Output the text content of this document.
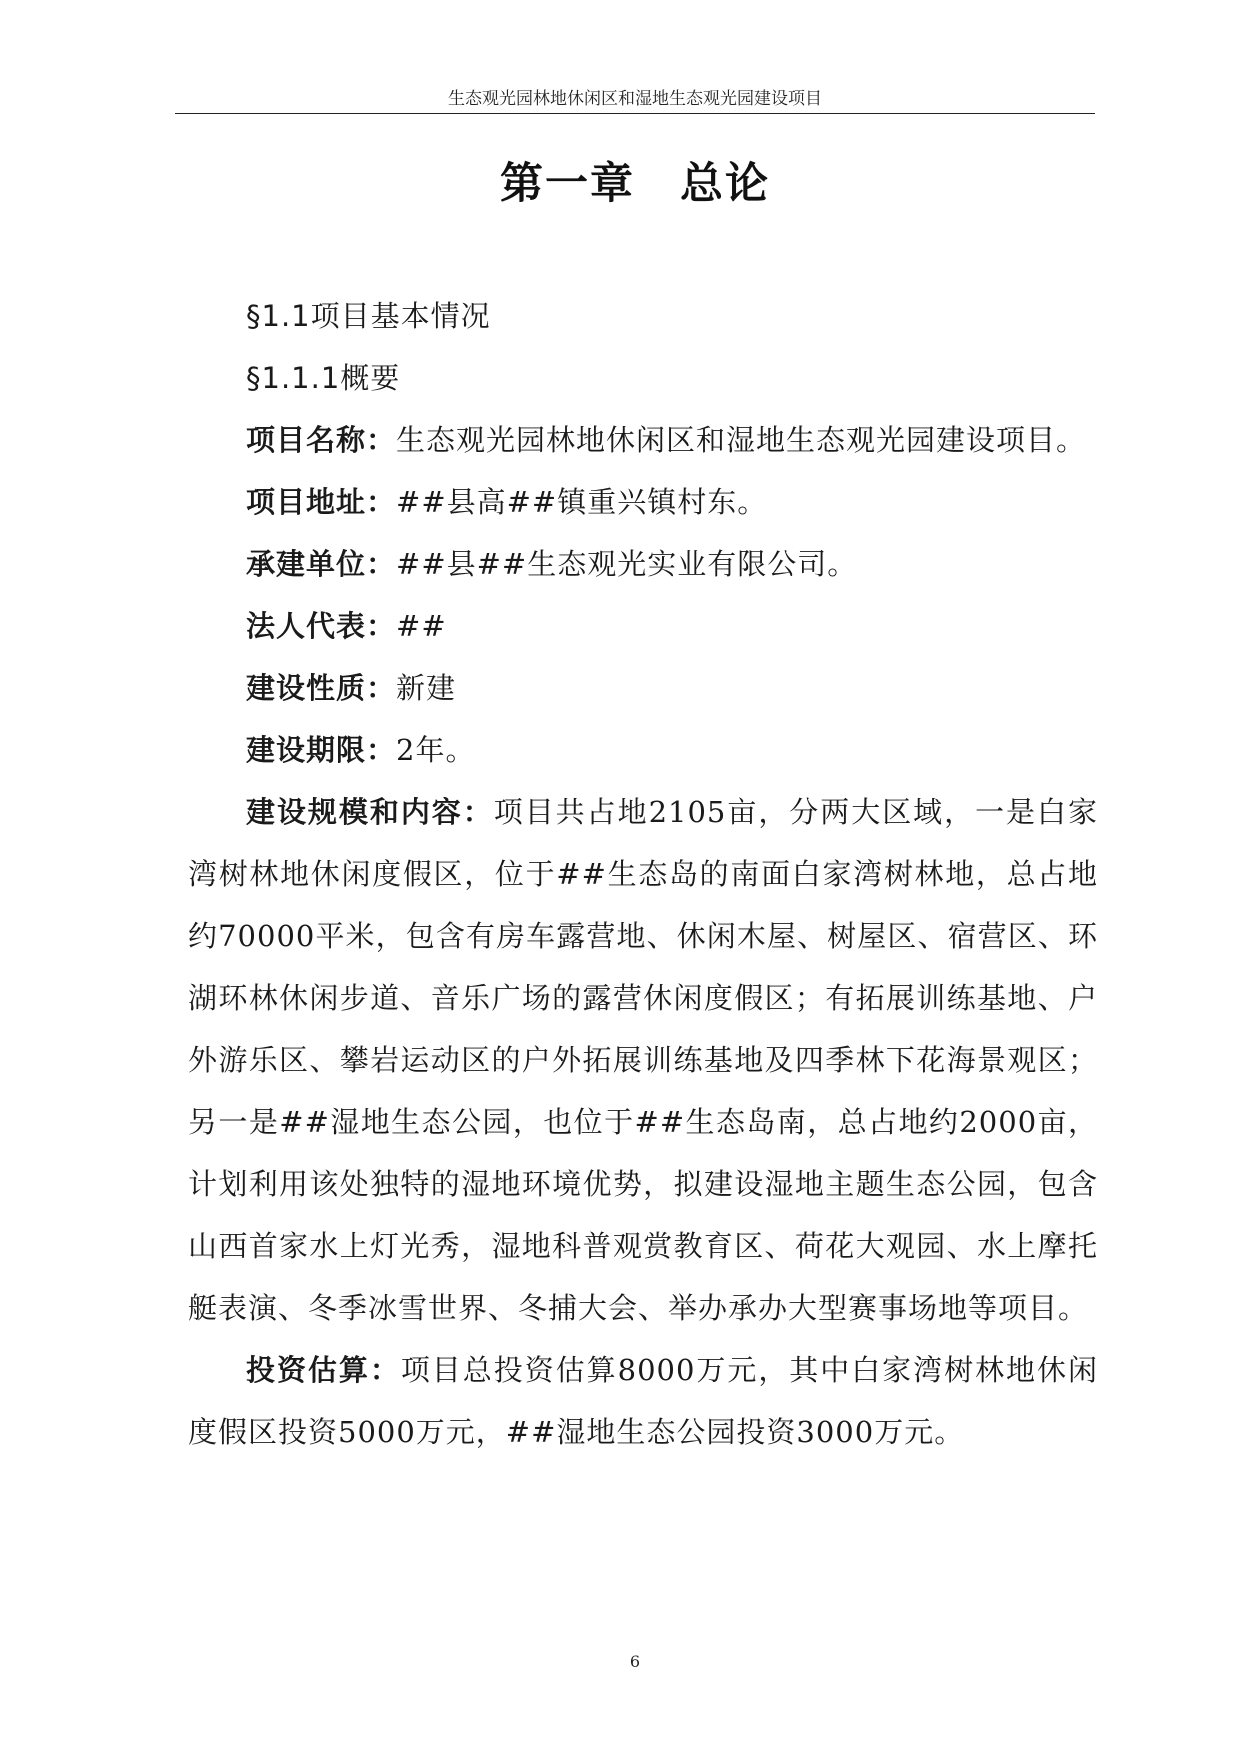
生态观光园林地休闲区和湿地生态观光园建设项目
第一章　总论

§1.1项目基本情况

§1.1.1概要

项目名称：生态观光园林地休闲区和湿地生态观光园建设项目。

项目地址：##县高##镇重兴镇村东。

承建单位：##县##生态观光实业有限公司。

法人代表：##

建设性质：新建

建设期限：2年。

建设规模和内容：项目共占地2105亩，分两大区域，一是白家湾树林地休闲度假区，位于##生态岛的南面白家湾树林地，总占地约70000平米，包含有房车露营地、休闲木屋、树屋区、宿营区、环湖环林休闲步道、音乐广场的露营休闲度假区；有拓展训练基地、户外游乐区、攀岩运动区的户外拓展训练基地及四季林下花海景观区；另一是##湿地生态公园，也位于##生态岛南，总占地约2000亩，计划利用该处独特的湿地环境优势，拟建设湿地主题生态公园，包含山西首家水上灯光秀，湿地科普观赏教育区、荷花大观园、水上摩托艇表演、冬季冰雪世界、冬捕大会、举办承办大型赛事场地等项目。

投资估算：项目总投资估算8000万元，其中白家湾树林地休闲度假区投资5000万元，##湿地生态公园投资3000万元。

6
